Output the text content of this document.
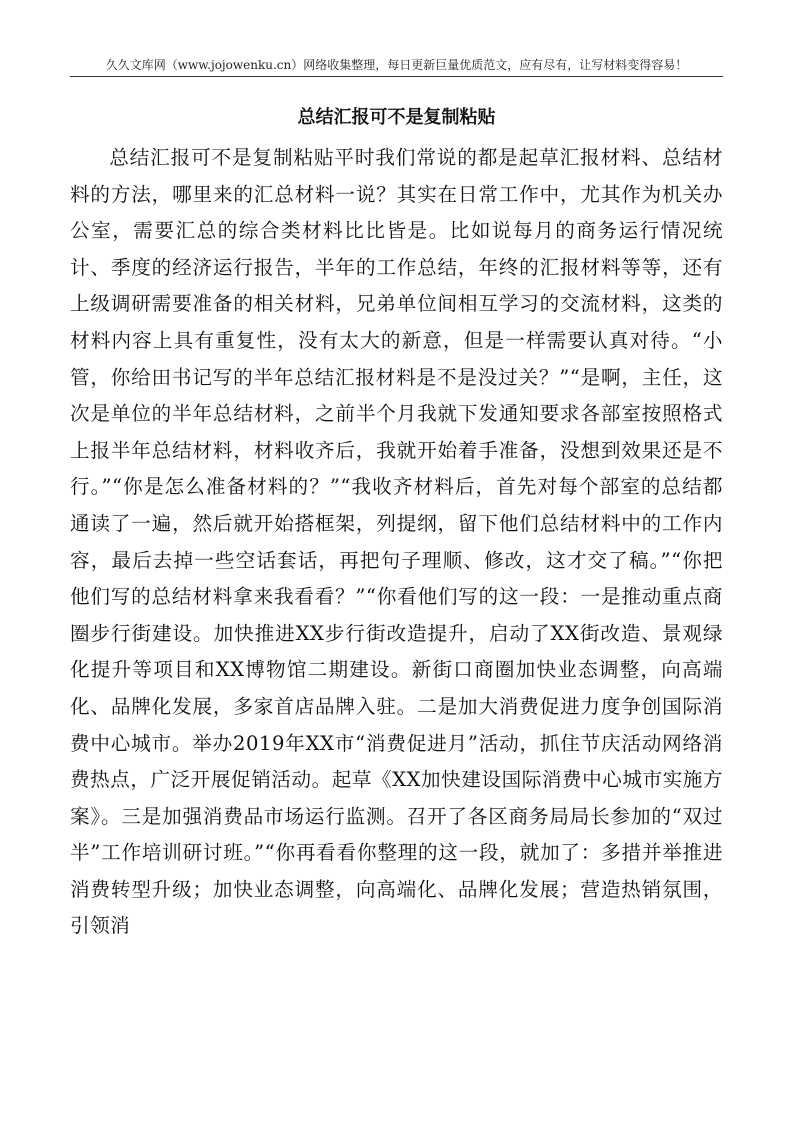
久久文库网（www.jojowenku.cn）网络收集整理，每日更新巨量优质范文，应有尽有，让写材料变得容易！
总结汇报可不是复制粘贴

总结汇报可不是复制粘贴平时我们常说的都是起草汇报材料、总结材料的方法，哪里来的汇总材料一说？其实在日常工作中，尤其作为机关办公室，需要汇总的综合类材料比比皆是。比如说每月的商务运行情况统计、季度的经济运行报告，半年的工作总结，年终的汇报材料等等，还有上级调研需要准备的相关材料，兄弟单位间相互学习的交流材料，这类的材料内容上具有重复性，没有太大的新意，但是一样需要认真对待。“小管，你给田书记写的半年总结汇报材料是不是没过关？”“是啊，主任，这次是单位的半年总结材料，之前半个月我就下发通知要求各部室按照格式上报半年总结材料，材料收齐后，我就开始着手准备，没想到效果还是不行。”“你是怎么准备材料的？”“我收齐材料后，首先对每个部室的总结都通读了一遍，然后就开始搭框架，列提纲，留下他们总结材料中的工作内容，最后去掉一些空话套话，再把句子理顺、修改，这才交了稿。”“你把他们写的总结材料拿来我看看？”“你看他们写的这一段：一是推动重点商圈步行街建设。加快推进XX步行街改造提升，启动了XX街改造、景观绿化提升等项目和XX博物馆二期建设。新街口商圈加快业态调整，向高端化、品牌化发展，多家首店品牌入驻。二是加大消费促进力度争创国际消费中心城市。举办2019年XX市“消费促进月”活动，抓住节庆活动网络消费热点，广泛开展促销活动。起草《XX加快建设国际消费中心城市实施方案》。三是加强消费品市场运行监测。召开了各区商务局局长参加的“双过半”工作培训研讨班。”“你再看看你整理的这一段，就加了：多措并举推进消费转型升级；加快业态调整，向高端化、品牌化发展；营造热销氛围，引领消
